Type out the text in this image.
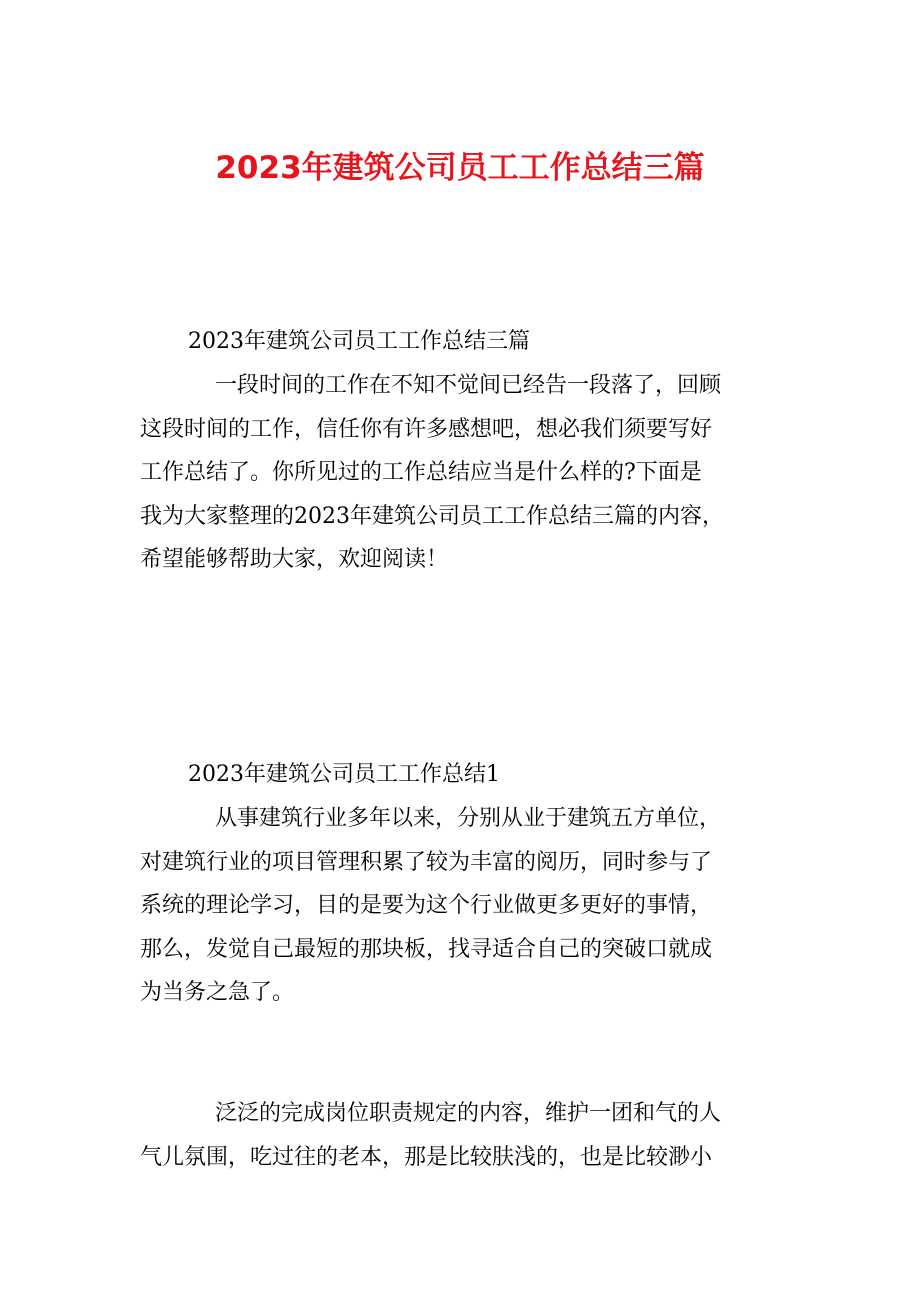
2023年建筑公司员工工作总结三篇

2023年建筑公司员工工作总结三篇

一段时间的工作在不知不觉间已经告一段落了，回顾
这段时间的工作，信任你有许多感想吧，想必我们须要写好
工作总结了。你所见过的工作总结应当是什么样的?下面是
我为大家整理的2023年建筑公司员工工作总结三篇的内容，
希望能够帮助大家，欢迎阅读！

2023年建筑公司员工工作总结1

从事建筑行业多年以来，分别从业于建筑五方单位，
对建筑行业的项目管理积累了较为丰富的阅历，同时参与了
系统的理论学习，目的是要为这个行业做更多更好的事情，
那么，发觉自己最短的那块板，找寻适合自己的突破口就成
为当务之急了。
泛泛的完成岗位职责规定的内容，维护一团和气的人
气儿氛围，吃过往的老本，那是比较肤浅的，也是比较渺小
